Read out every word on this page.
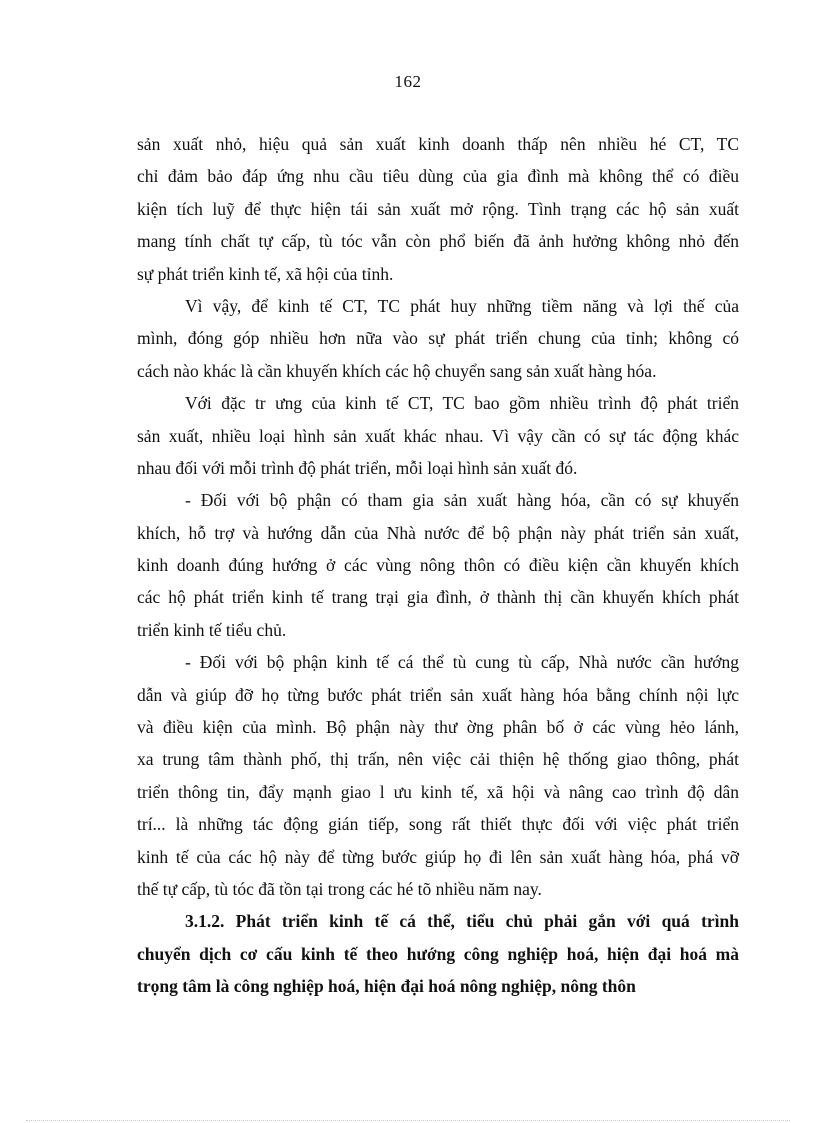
162
sản xuất nhỏ, hiệu quả sản xuất kinh doanh thấp nên nhiều hé CT, TC
chỉ đảm bảo đáp ứng nhu cầu tiêu dùng của gia đình mà không thể có điều
kiện tích luỹ để thực hiện tái sản xuất mở rộng. Tình trạng các hộ sản xuất
mang tính chất tự cấp, tù tóc vẫn còn phổ biến đã ảnh hưởng không nhỏ đến
sự phát triển kinh tế, xã hội của tỉnh.
Vì vậy, để kinh tế CT, TC phát huy những tiềm năng và lợi thế của
mình, đóng góp nhiều hơn nữa vào sự phát triển chung của tỉnh; không có
cách nào khác là cần khuyến khích các hộ chuyển sang sản xuất hàng hóa.
Với đặc tr ưng của kinh tế CT, TC bao gồm nhiều trình độ phát triển
sản xuất, nhiều loại hình sản xuất khác nhau. Vì vậy cần có sự tác động khác
nhau đối với mỗi trình độ phát triển, mỗi loại hình sản xuất đó.
- Đối với bộ phận có tham gia sản xuất hàng hóa, cần có sự khuyến
khích, hỗ trợ và hướng dẫn của Nhà nước để bộ phận này phát triển sản xuất,
kinh doanh đúng hướng ở các vùng nông thôn có điều kiện cần khuyến khích
các hộ phát triển kinh tế trang trại gia đình, ở thành thị cần khuyến khích phát
triển kinh tế tiểu chủ.
- Đối với bộ phận kinh tế cá thể tù cung tù cấp, Nhà nước cần hướng
dẫn và giúp đỡ họ từng bước phát triển sản xuất hàng hóa bằng chính nội lực
và điều kiện của mình. Bộ phận này thư ờng phân bố ở các vùng hẻo lánh,
xa trung tâm thành phố, thị trấn, nên việc cải thiện hệ thống giao thông, phát
triển thông tin, đẩy mạnh giao l ưu kinh tế, xã hội và nâng cao trình độ dân
trí... là những tác động gián tiếp, song rất thiết thực đối với việc phát triển
kinh tế của các hộ này để từng bước giúp họ đi lên sản xuất hàng hóa, phá vỡ
thế tự cấp, tù tóc đã tồn tại trong các hé tõ nhiều năm nay.
3.1.2. Phát triển kinh tế cá thể, tiểu chủ phải gắn với quá trình
chuyển dịch cơ cấu kinh tế theo hướng công nghiệp hoá, hiện đại hoá mà
trọng tâm là công nghiệp hoá, hiện đại hoá nông nghiệp, nông thôn
